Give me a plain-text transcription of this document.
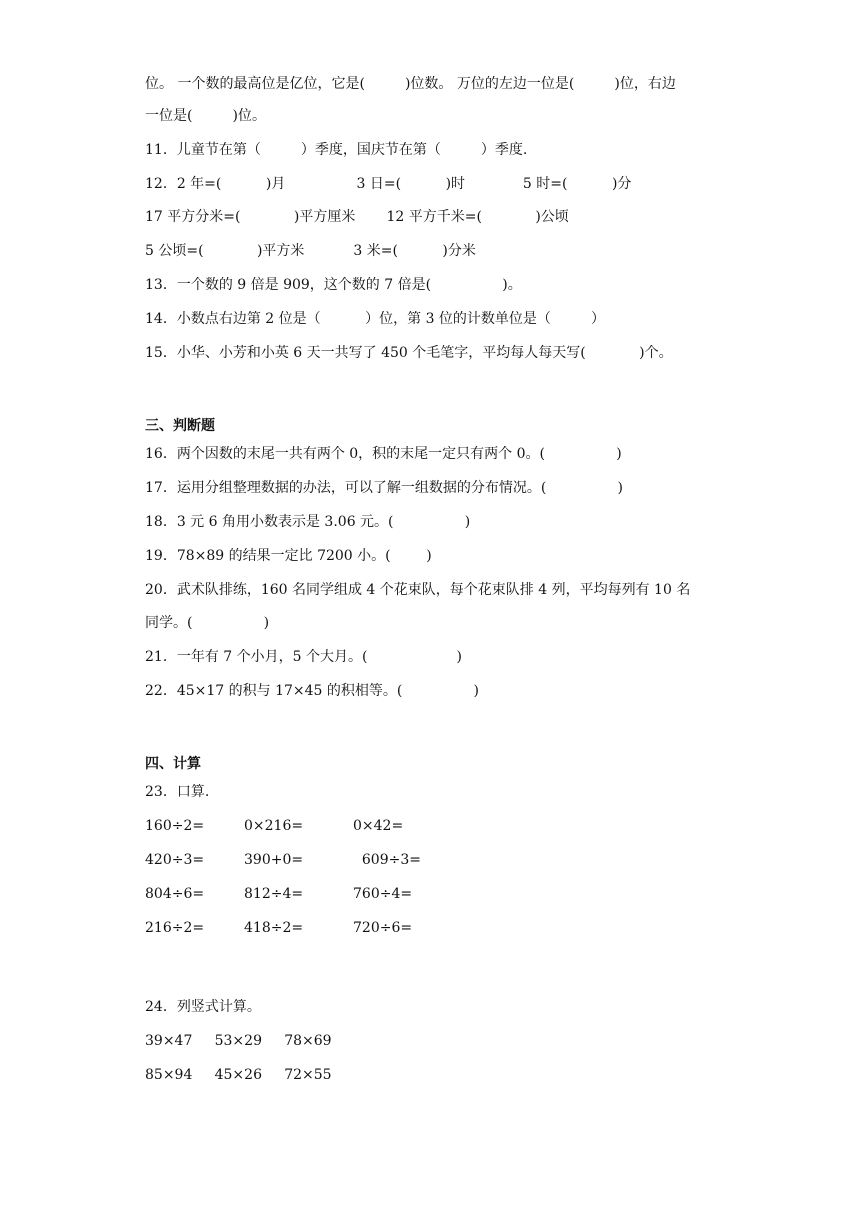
位。 一个数的最高位是亿位，它是(         )位数。 万位的左边一位是(         )位，右边
一位是(         )位。
11．儿童节在第（         ）季度，国庆节在第（         ）季度.
12．2 年=(          )月                3 日=(          )时             5 时=(          )分
17 平方分米=(            )平方厘米       12 平方千米=(            )公顷
5 公顷=(            )平方米           3 米=(          )分米
13．一个数的 9 倍是 909，这个数的 7 倍是(                )。
14．小数点右边第 2 位是（          ）位，第 3 位的计数单位是（         ）
15．小华、小芳和小英 6 天一共写了 450 个毛笔字，平均每人每天写(            )个。
三、判断题
16．两个因数的末尾一共有两个 0，积的末尾一定只有两个 0。(                )
17．运用分组整理数据的办法，可以了解一组数据的分布情况。(                )
18．3 元 6 角用小数表示是 3.06 元。(                )
19．78×89 的结果一定比 7200 小。(        )
20．武术队排练，160 名同学组成 4 个花束队，每个花束队排 4 列，平均每列有 10 名
同学。(                )
21．一年有 7 个小月，5 个大月。(                    )
22．45×17 的积与 17×45 的积相等。(                )
四、计算
23．口算.
160÷2=	0×216=	0×42=
420÷3=	390+0=	609÷3=
804÷6=	812÷4=	760÷4=
216÷2=	418÷2=	720÷6=
24．列竖式计算。
39×47     53×29     78×69
85×94     45×26     72×55
